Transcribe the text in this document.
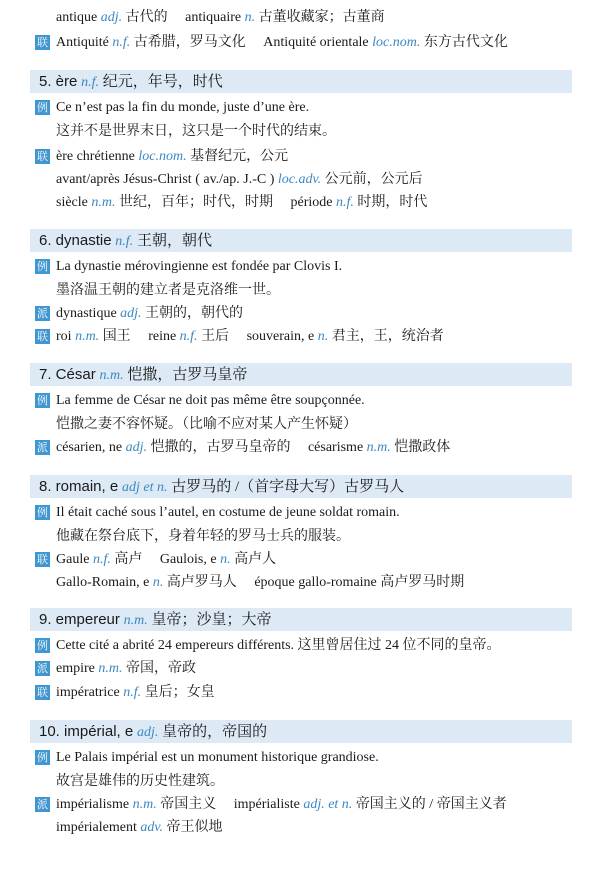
antique adj. 古代的 antiquaire n. 古董收藏家；古董商
联 Antiquité n.f. 古希腊，罗马文化 Antiquité orientale loc.nom. 东方古代文化
5. ère n.f. 纪元，年号，时代
例 Ce n’est pas la fin du monde, juste d’une ère.
这并不是世界末日，这只是一个时代的结束。
联 ère chrétienne loc.nom. 基督纪元，公元
avant/après Jésus-Christ ( av./ap. J.-C ) loc.adv. 公元前，公元后
siècle n.m. 世纪，百年；时代，时期 période n.f. 时期，时代
6. dynastie n.f. 王朝，朝代
例 La dynastie mérovingienne est fondée par Clovis I.
墨洛温王朝的建立者是克洛维一世。
派 dynastique adj. 王朝的，朝代的
联 roi n.m. 国王 reine n.f. 王后 souverain, e n. 君主，王，统治者
7. César n.m. 恺撒，古罗马皇帝
例 La femme de César ne doit pas même être soupçonnée.
恺撒之妻不容怀疑。（比喻不应对某人产生怀疑）
派 césarien, ne adj. 恺撒的，古罗马皇帝的 césarisme n.m. 恺撒政体
8. romain, e adj et n. 古罗马的 /（首字母大写）古罗马人
例 Il était caché sous l’autel, en costume de jeune soldat romain.
他藏在祭台底下，身着年轻的罗马士兵的服装。
联 Gaule n.f. 高卢 Gaulois, e n. 高卢人
Gallo-Romain, e n. 高卢罗马人 époque gallo-romaine 高卢罗马时期
9. empereur n.m. 皇帝；沙皇；大帝
例 Cette cité a abrité 24 empereurs différents. 这里曾居住过 24 位不同的皇帝。
派 empire n.m. 帝国，帝政
联 impératrice n.f. 皇后；女皇
10. impérial, e adj. 皇帝的，帝国的
例 Le Palais impérial est un monument historique grandiose.
故宫是雄伟的历史性建筑。
派 impérialisme n.m. 帝国主义 impérialiste adj. et n. 帝国主义的 / 帝国主义者
impérialement adv. 帝王似地
